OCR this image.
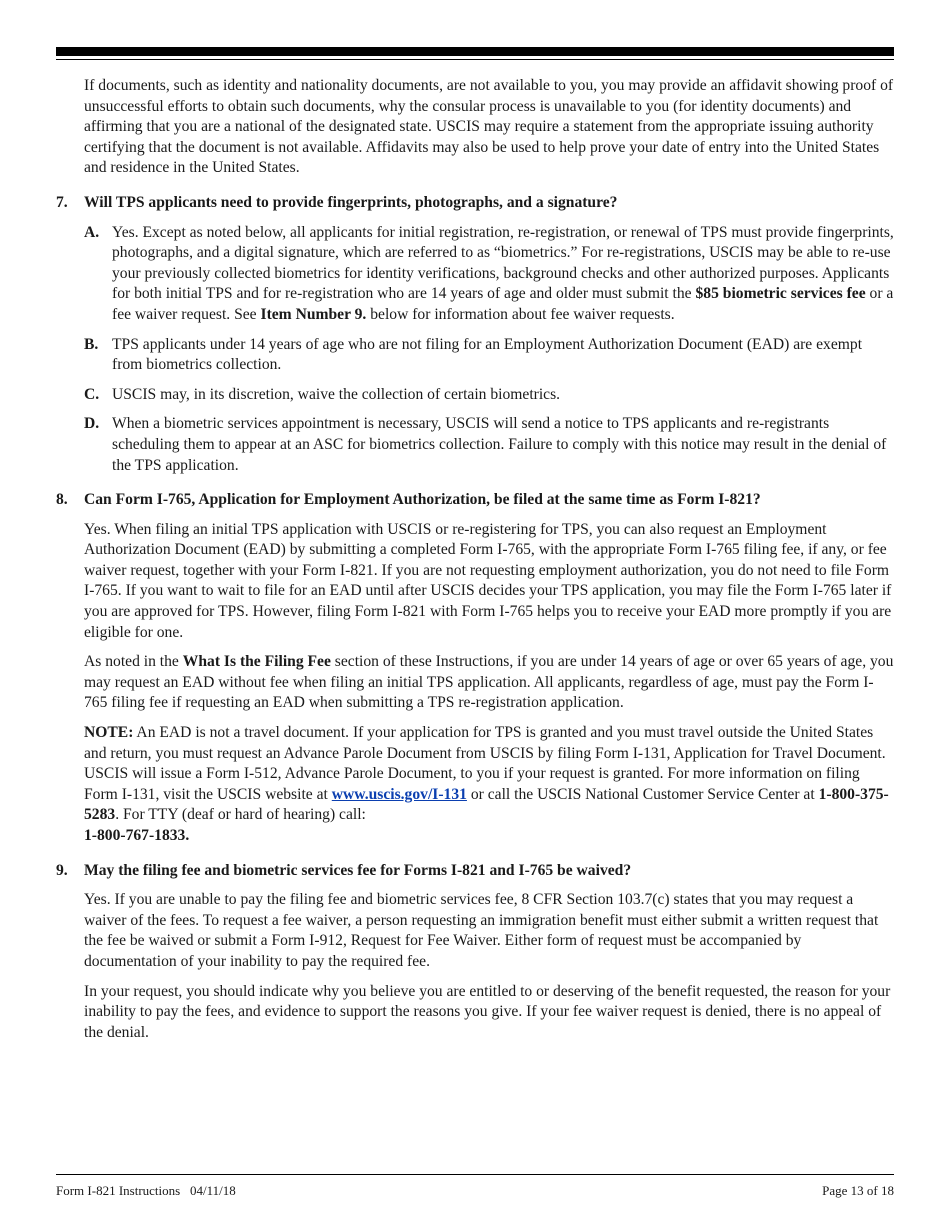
If documents, such as identity and nationality documents, are not available to you, you may provide an affidavit showing proof of unsuccessful efforts to obtain such documents, why the consular process is unavailable to you (for identity documents) and affirming that you are a national of the designated state. USCIS may require a statement from the appropriate issuing authority certifying that the document is not available. Affidavits may also be used to help prove your date of entry into the United States and residence in the United States.

7. Will TPS applicants need to provide fingerprints, photographs, and a signature?
A. Yes. Except as noted below, all applicants for initial registration, re-registration, or renewal of TPS must provide fingerprints, photographs, and a digital signature, which are referred to as “biometrics.” For re-registrations, USCIS may be able to re-use your previously collected biometrics for identity verifications, background checks and other authorized purposes. Applicants for both initial TPS and for re-registration who are 14 years of age and older must submit the $85 biometric services fee or a fee waiver request. See Item Number 9. below for information about fee waiver requests.
B. TPS applicants under 14 years of age who are not filing for an Employment Authorization Document (EAD) are exempt from biometrics collection.
C. USCIS may, in its discretion, waive the collection of certain biometrics.
D. When a biometric services appointment is necessary, USCIS will send a notice to TPS applicants and re-registrants scheduling them to appear at an ASC for biometrics collection. Failure to comply with this notice may result in the denial of the TPS application.
8. Can Form I-765, Application for Employment Authorization, be filed at the same time as Form I-821?

Yes. When filing an initial TPS application with USCIS or re-registering for TPS, you can also request an Employment Authorization Document (EAD) by submitting a completed Form I-765, with the appropriate Form I-765 filing fee, if any, or fee waiver request, together with your Form I-821. If you are not requesting employment authorization, you do not need to file Form I-765. If you want to wait to file for an EAD until after USCIS decides your TPS application, you may file the Form I-765 later if you are approved for TPS. However, filing Form I-821 with Form I-765 helps you to receive your EAD more promptly if you are eligible for one.

As noted in the What Is the Filing Fee section of these Instructions, if you are under 14 years of age or over 65 years of age, you may request an EAD without fee when filing an initial TPS application. All applicants, regardless of age, must pay the Form I-765 filing fee if requesting an EAD when submitting a TPS re-registration application.

NOTE: An EAD is not a travel document. If your application for TPS is granted and you must travel outside the United States and return, you must request an Advance Parole Document from USCIS by filing Form I-131, Application for Travel Document. USCIS will issue a Form I-512, Advance Parole Document, to you if your request is granted. For more information on filing Form I-131, visit the USCIS website at www.uscis.gov/I-131 or call the USCIS National Customer Service Center at 1-800-375-5283. For TTY (deaf or hard of hearing) call:
1-800-767-1833.

9. May the filing fee and biometric services fee for Forms I-821 and I-765 be waived?

Yes. If you are unable to pay the filing fee and biometric services fee, 8 CFR Section 103.7(c) states that you may request a waiver of the fees. To request a fee waiver, a person requesting an immigration benefit must either submit a written request that the fee be waived or submit a Form I-912, Request for Fee Waiver. Either form of request must be accompanied by documentation of your inability to pay the required fee.

In your request, you should indicate why you believe you are entitled to or deserving of the benefit requested, the reason for your inability to pay the fees, and evidence to support the reasons you give. If your fee waiver request is denied, there is no appeal of the denial.

Form I-821 Instructions   04/11/18	Page 13 of 18
